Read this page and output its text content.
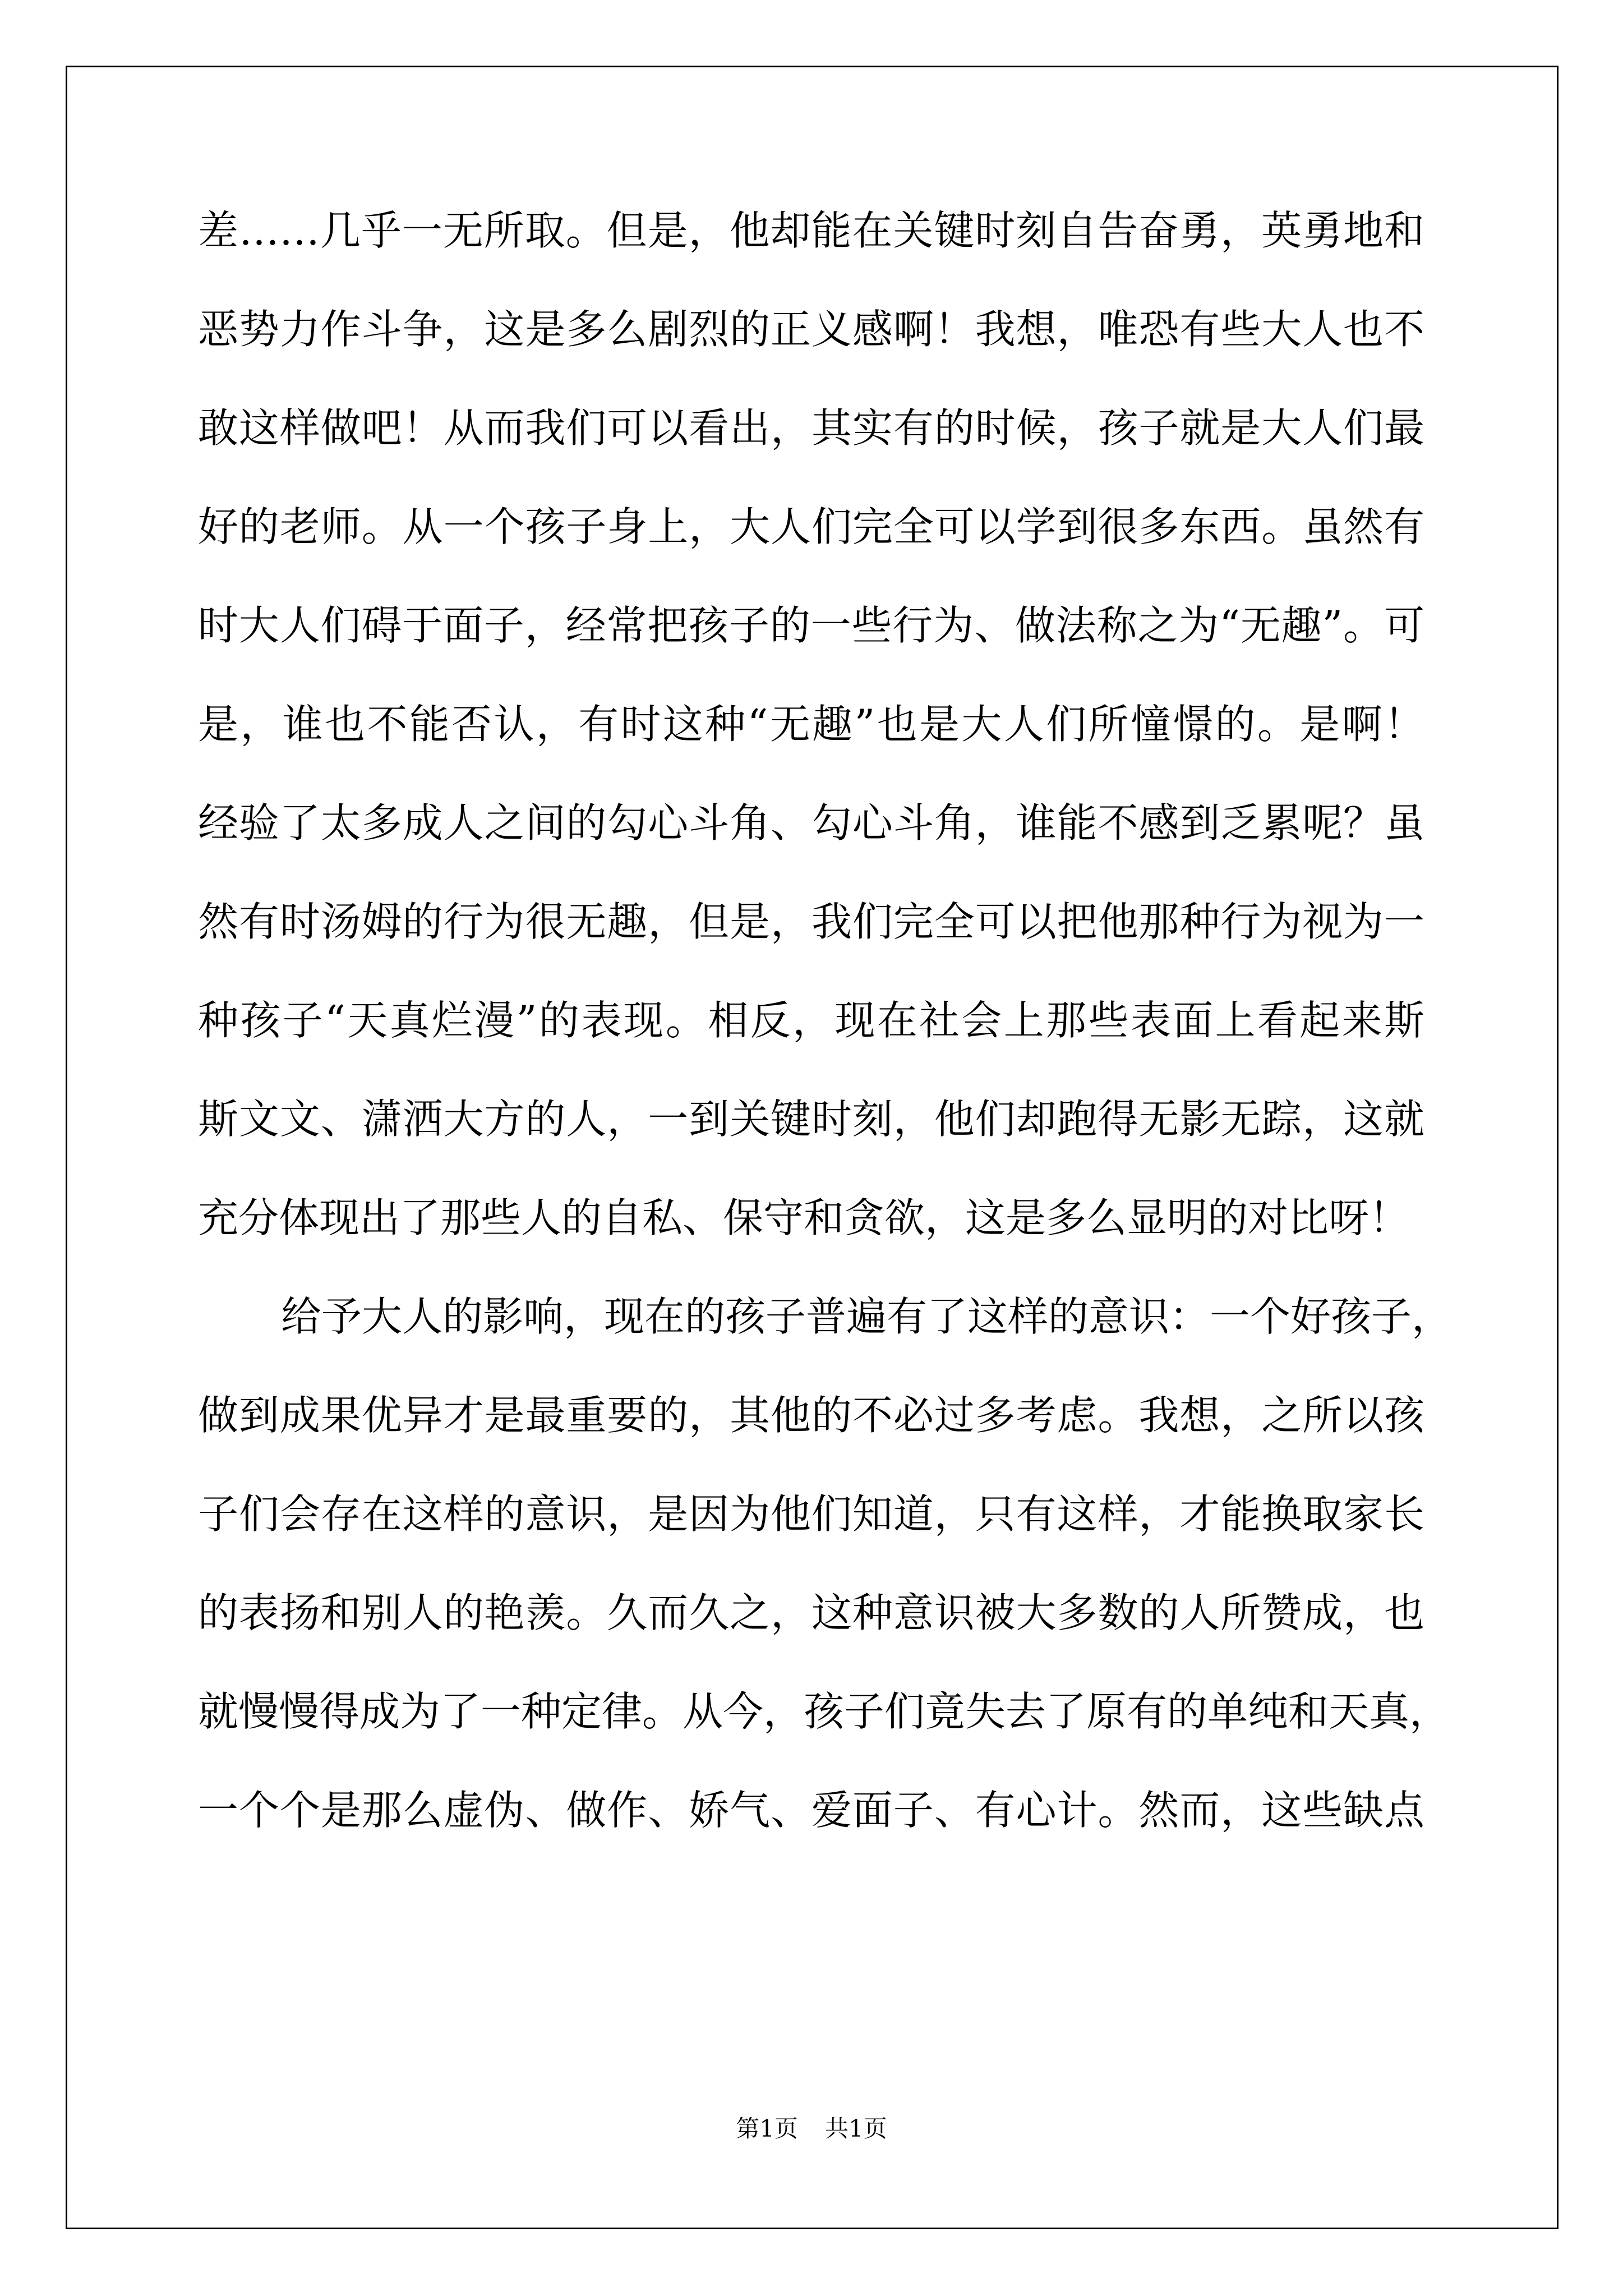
差……几乎一无所取。但是，他却能在关键时刻自告奋勇，英勇地和
恶势力作斗争，这是多么剧烈的正义感啊！我想，唯恐有些大人也不
敢这样做吧！从而我们可以看出，其实有的时候，孩子就是大人们最
好的老师。从一个孩子身上，大人们完全可以学到很多东西。虽然有
时大人们碍于面子，经常把孩子的一些行为、做法称之为“无趣”。可
是，谁也不能否认，有时这种“无趣”也是大人们所憧憬的。是啊！
经验了太多成人之间的勾心斗角、勾心斗角，谁能不感到乏累呢？虽
然有时汤姆的行为很无趣，但是，我们完全可以把他那种行为视为一
种孩子“天真烂漫”的表现。相反，现在社会上那些表面上看起来斯
斯文文、潇洒大方的人，一到关键时刻，他们却跑得无影无踪，这就
充分体现出了那些人的自私、保守和贪欲，这是多么显明的对比呀！
给予大人的影响，现在的孩子普遍有了这样的意识：一个好孩子，
做到成果优异才是最重要的，其他的不必过多考虑。我想，之所以孩
子们会存在这样的意识，是因为他们知道，只有这样，才能换取家长
的表扬和别人的艳羡。久而久之，这种意识被大多数的人所赞成，也
就慢慢得成为了一种定律。从今，孩子们竟失去了原有的单纯和天真，
一个个是那么虚伪、做作、娇气、爱面子、有心计。然而，这些缺点
第1页 共1页
